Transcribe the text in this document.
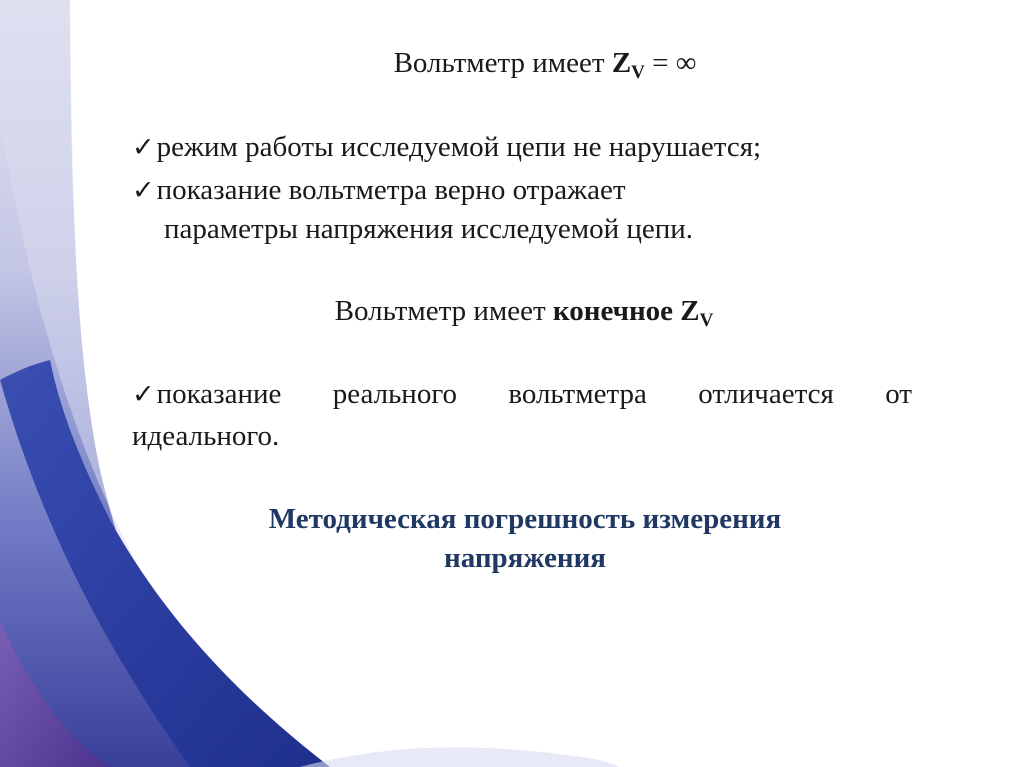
Вольтметр имеет $Z_V$ = ∞
✓режим работы исследуемой цепи не нарушается;
✓показание вольтметра верно отражает
параметры напряжения исследуемой цепи.
Вольтметр имеет конечное $Z_V$
✓показание реального вольтметра отличается от
идеального.
Методическая погрешность измерения
напряжения
